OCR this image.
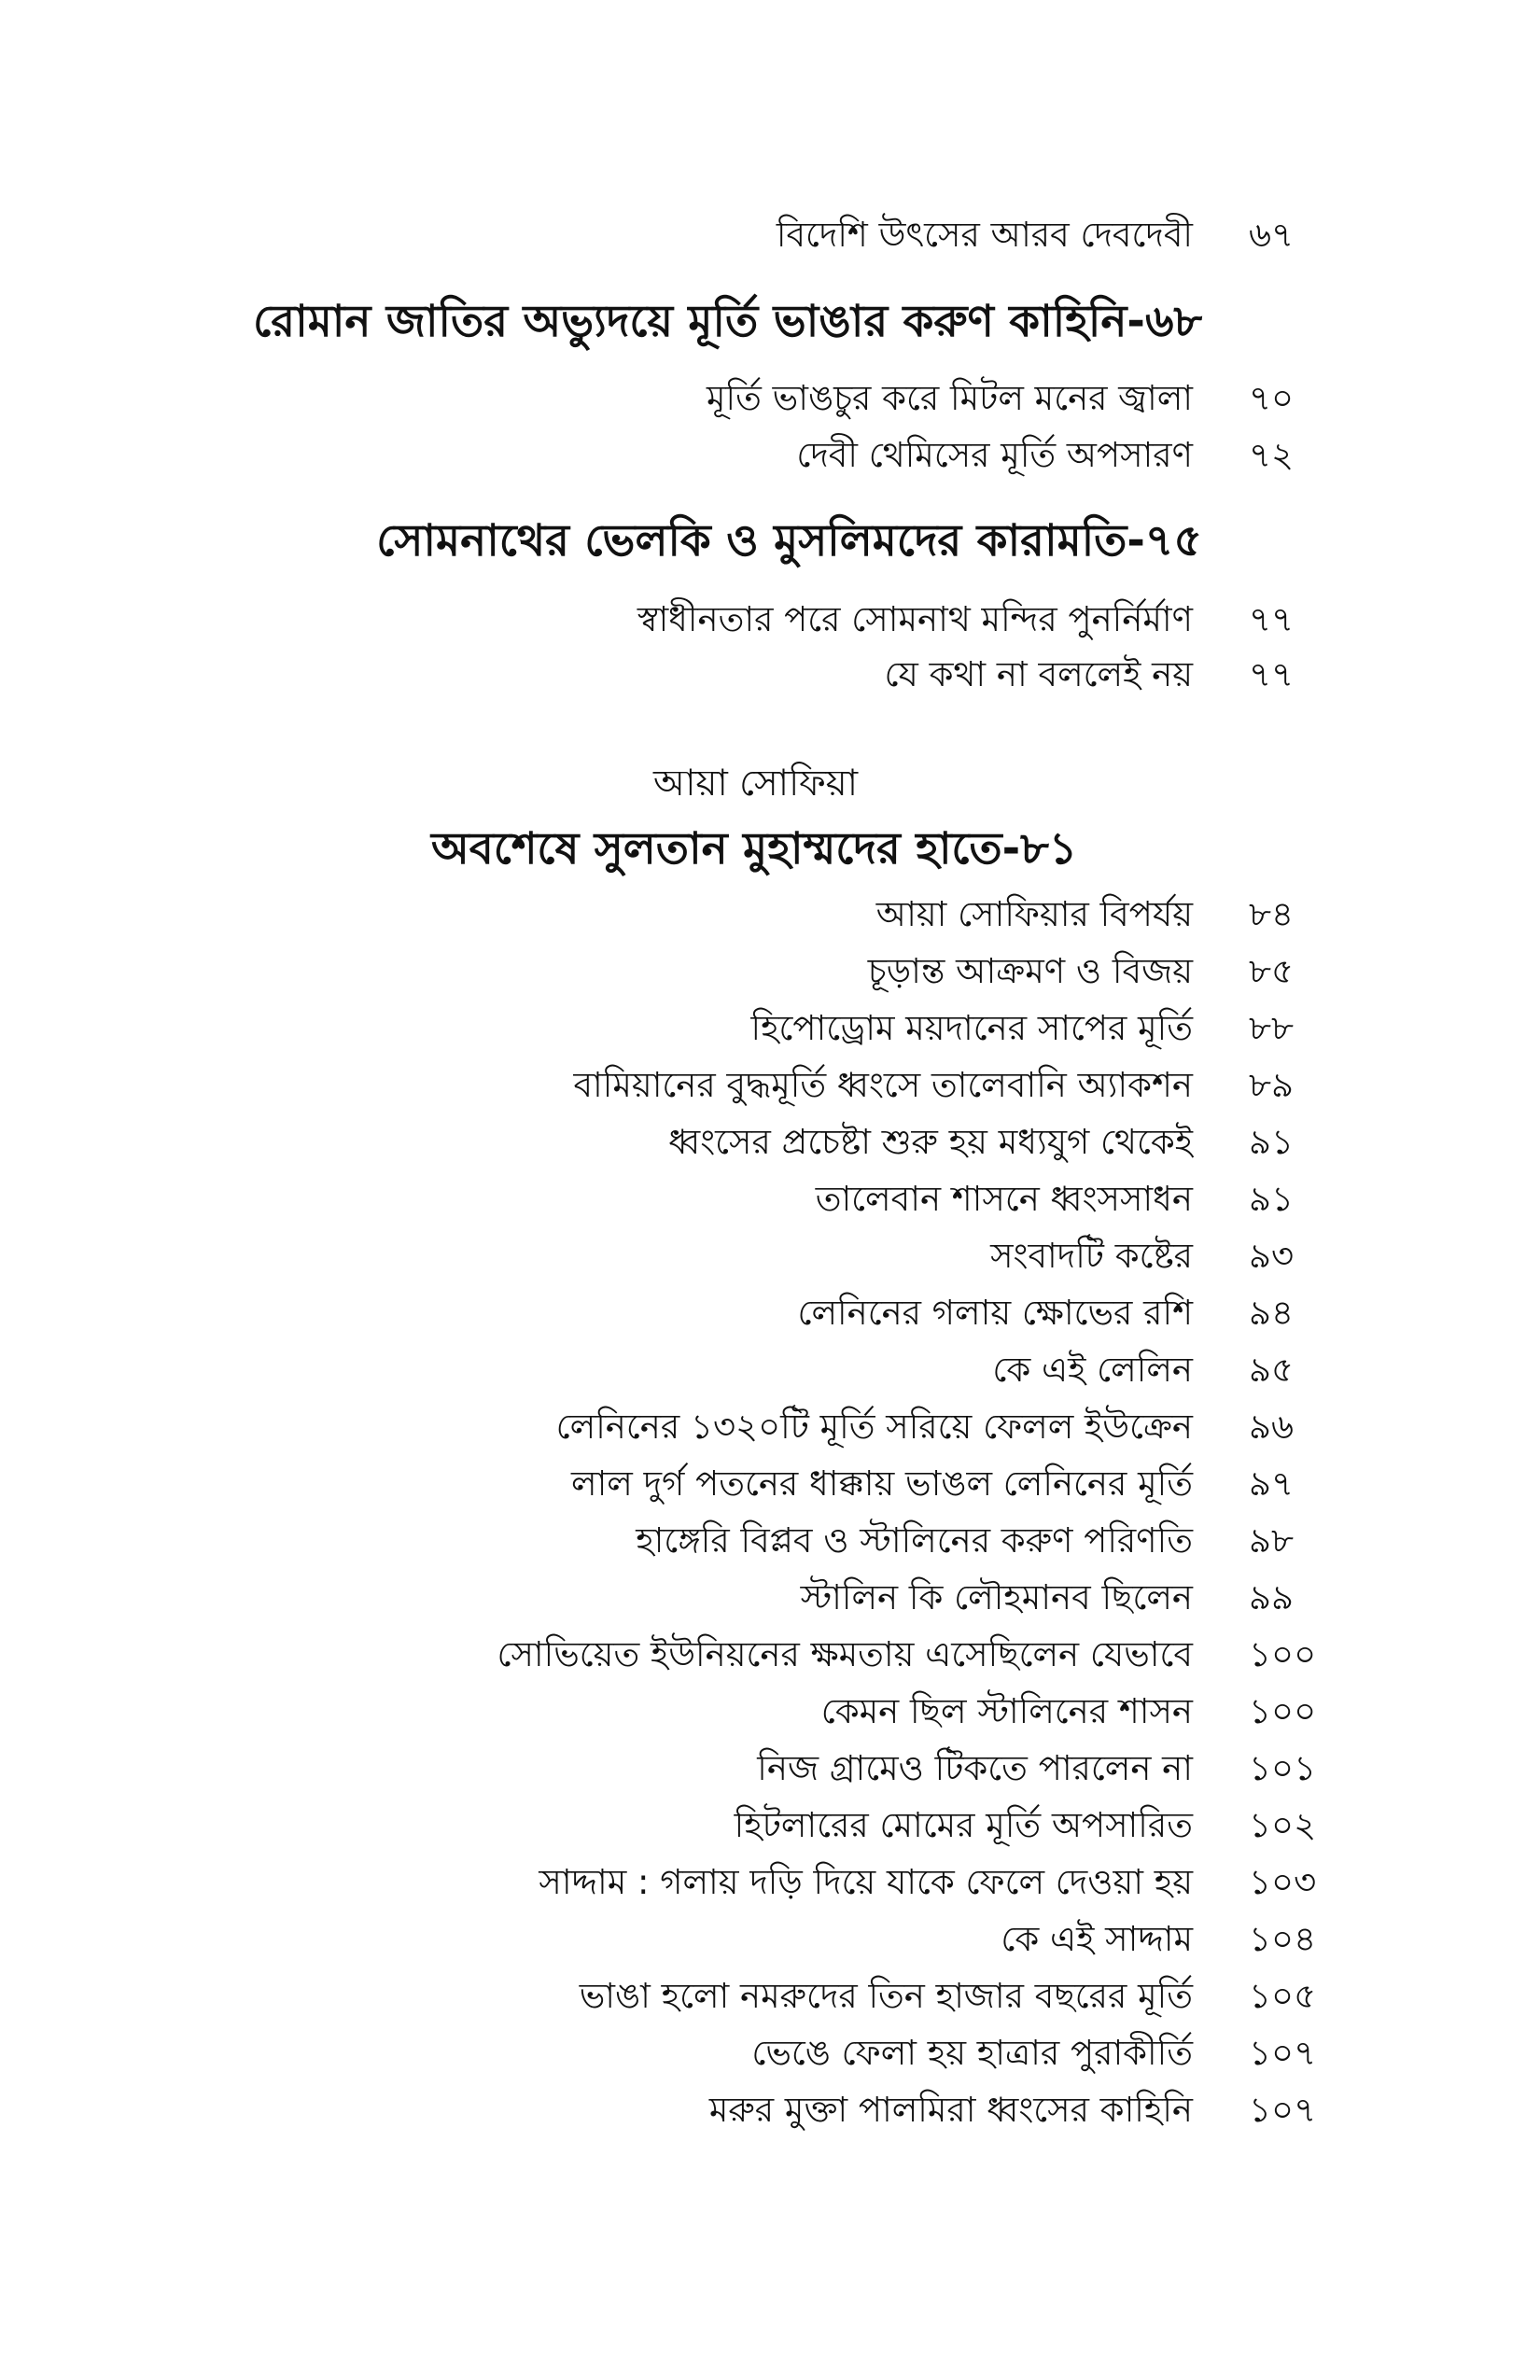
বিদেশি উৎসের আরব দেবদেবী ৬৭
রোমান জাতির অভ্যুদয়ে মূর্তি ভাঙার করুণ কাহিনি-৬৮
মূর্তি ভাঙচুর করে মিটল মনের জ্বালা ৭০
দেবী থেমিসের মূর্তি অপসারণ ৭২
সোমনাথের ভেলকি ও মুসলিমদের কারামতি-৭৫
স্বাধীনতার পরে সোমনাথ মন্দির পুনর্নির্মাণ ৭৭
যে কথা না বললেই নয় ৭৭
আয়া সোফিয়া
অবশেষে সুলতান মুহাম্মদের হাতে-৮১
আয়া সোফিয়ার বিপর্যয় ৮৪
চূড়ান্ত আক্রমণ ও বিজয় ৮৫
হিপোড্রোম ময়দানের সাপের মূর্তি ৮৮
বামিয়ানের বুদ্ধমূর্তি ধ্বংসে তালেবানি অ্যাকশন ৮৯
ধ্বংসের প্রচেষ্টা শুরু হয় মধ্যযুগ থেকেই ৯১
তালেবান শাসনে ধ্বংসসাধন ৯১
সংবাদটি কষ্টের ৯৩
লেনিনের গলায় ক্ষোভের রশি ৯৪
কে এই লেলিন ৯৫
লেনিনের ১৩২০টি মূর্তি সরিয়ে ফেলল ইউক্রেন ৯৬
লাল দুর্গ পতনের ধাক্কায় ভাঙল লেনিনের মূর্তি ৯৭
হাঙ্গেরি বিপ্লব ও স্টালিনের করুণ পরিণতি ৯৮
স্টালিন কি লৌহমানব ছিলেন ৯৯
সোভিয়েত ইউনিয়নের ক্ষমতায় এসেছিলেন যেভাবে ১০০
কেমন ছিল স্টালিনের শাসন ১০০
নিজ গ্রামেও টিকতে পারলেন না ১০১
হিটলারের মোমের মূর্তি অপসারিত ১০২
সাদ্দাম : গলায় দড়ি দিয়ে যাকে ফেলে দেওয়া হয় ১০৩
কে এই সাদ্দাম ১০৪
ভাঙা হলো নমরুদের তিন হাজার বছরের মূর্তি ১০৫
ভেঙে ফেলা হয় হাত্রার পুরাকীর্তি ১০৭
মরুর মুক্তা পালমিরা ধ্বংসের কাহিনি ১০৭
